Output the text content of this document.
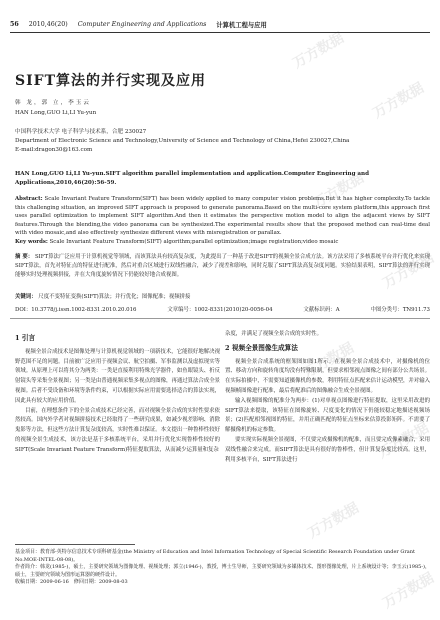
万方数据
万方数据
万方数据
万方数据
万方数据
万方数据
万方数据
万方数据
56 2010,46(20) Computer Engineering and Applications 计算机工程与应用
SIFT算法的并行实现及应用
韩 龙，郭 立，李玉云
HAN Long,GUO Li,LI Yu-yun
中国科学技术大学 电子科学与技术系，合肥 230027
Department of Electronic Science and Technology,University of Science and Technology of China,Hefei 230027,China
E-mail:dragon30@163.com
HAN Long,GUO Li,LI Yu-yun.SIFT algorithm parallel implementation and application.Computer Engineering and Applications,2010,46(20):56-59.
Abstract: Scale Invariant Feature Transform(SIFT) has been widely applied to many computer vision problems.But it has higher complexity.To tackle this challenging situation, an improved SIFT approach is proposed to generate panorama.Based on the multi-core system platform,this approach first uses parallel optimization to implement SIFT algorithm.And then it estimates the perspective motion model to align the adjacent views by SIFT features.Through the blending,the video panorama can be synthesized.The experimental results show that the proposed method can real-time deal with video mosaic,and also effectively synthesize different views with misregistration or parallax.
Key words: Scale Invariant Feature Transform(SIFT) algorithm;parallel optimization;image registration;video mosaic
摘 要： SIFT算法广泛应用于计算机视觉等领域，而该算法具有较高复杂度，为此提出了一种基于改进SIFT的视频全景合成方法。该方法采用了多核系统平台并行优化来实现SIFT算法，首先对特征点的特征进行配准，然后对重合区域进行双线性融合，减少了视差和影响，同时克服了SIFT算法高复杂度问题。实验结果表明，SIFT算法的并行实现能够实时处理视频拼接，并在大角度旋转情况下仍能较好地合成视图。
关键词： 尺度不变特征变换(SIFT)算法；并行优化；图像配准；视频拼接
DOI：10.3778/j.issn.1002-8331.2010.20.016	文章编号：1002-8331(2010)20-0056-04	文献标识码：A	中图分类号：TN911.73
1 引言
视频全景合成技术是图像处理与计算机视觉领域的一项新技术，它能很好地解决视野范围不足的问题。目前被广泛应用于视频会议、航空拍摄、军事监测以及虚拟现实等领域。从原理上可以将其分为两类：一类是直接利用特殊光学器件，如鱼眼镜头、折反射镜头等采集全景视图；另一类是由普通视频采集多视点的图像，再通过算法合成全景视图。后者不受设备和环境等条件约束，可以根据实际应用需要选择适合的算法实现，因此具有较大的应用价值。
目前，在理想条件下的全景合成技术已经完善，而对视频全景合成的实时性要求依然较高。国内外学者对视频拼接技术已经取得了一些研究成果，如减少视差影响、消除鬼影等方法，但这些方法计算复杂度较高，实时性难以保证。本文提出一种鲁棒性较好的视频全景生成技术，该方法是基于多核系统平台，采用并行优化实现鲁棒性较好的SIFT(Scale Invariant Feature Transform)特征提取算法，从而减少运算量和复杂
杂度，并满足了视频全景合成的实时性。
2 视频全景图像生成算法
视频全景合成系统的框架图如图1所示。在视频全景合成技术中，对摄像机的位置、移动方向和旋转角度均没有特殊限制，但要求相邻视点图像之间有部分公共场景。在实际拍摄中，不需要知道摄像机的参数，利用特征点匹配来估计运动模型，并对输入视频帧图像进行配准，最后将配准后的图像融合生成全景视图。
输入视频图像的配准分为两步：(1)对单视点图像进行特征提取，这里采用改进的SIFT算法来提取，该特征在图像旋转、尺度变化的情况下仍能较稳定地描述视频场景；(2)匹配相邻视图的特征，并用正确匹配的特征点坐标来估算投影矩阵。不需要了解摄像机的标定参数。
要实现实际视频全景视图，不仅要完成摄像机的配准，而且要完成像素融合，采用双线性融合来完成。而SIFT算法是具有很好的鲁棒性，但计算复杂度比较高。这里，利用多核平台，SIFT算法进行
基金项目：教育部-英特尔信息技术专项科研基金(the Ministry of Education and Intel Information Technology of Special Scientific Research Foundation under Grant No.MOE-INTEL-08-08)。
作者简介：韩龙(1985-)，硕士，主要研究领域为图像处理、视频处理；郭立(1946-)，教授，博士生导师，主要研究领域为多媒体技术、图形图像处理，片上系统设计等；李玉云(1985-)，硕士，主要研究领域为图形运算器的硬件设计。
收稿日期：2009-06-16　修回日期：2009-08-03
